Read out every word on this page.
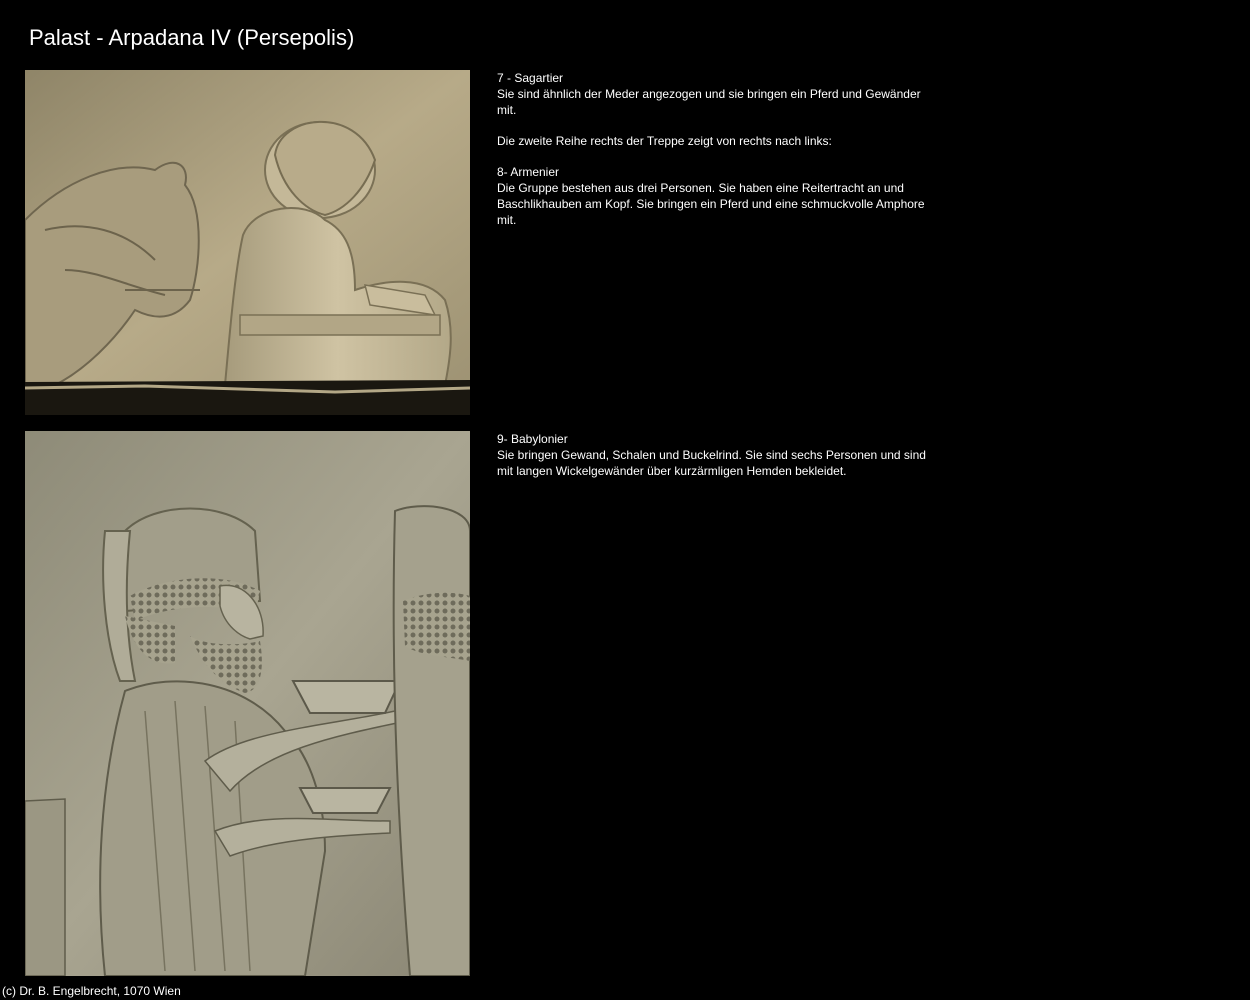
Palast - Arpadana IV (Persepolis)

7 - Sagartier

Sie sind ähnlich der Meder angezogen und sie bringen ein Pferd und Gewänder mit.

Die zweite Reihe rechts der Treppe zeigt von rechts nach links:

8- Armenier

Die Gruppe bestehen aus drei Personen. Sie haben eine Reitertracht an und Baschlikhauben am Kopf. Sie bringen ein Pferd und eine schmuckvolle Amphore mit.

9- Babylonier

Sie bringen Gewand, Schalen und Buckelrind. Sie sind sechs Personen und sind mit langen Wickelgewänder über kurzärmligen Hemden bekleidet.

(c) Dr. B. Engelbrecht, 1070 Wien
